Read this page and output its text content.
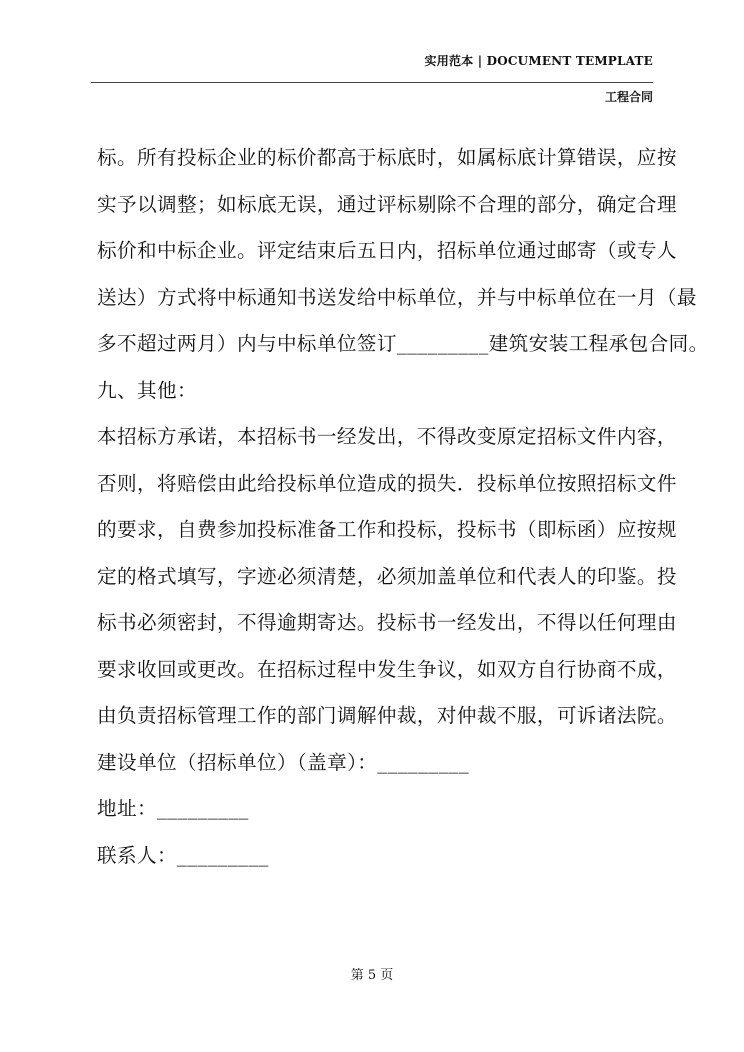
实用范本 | DOCUMENT TEMPLATE
工程合同
标。所有投标企业的标价都高于标底时，如属标底计算错误，应按
实予以调整；如标底无误，通过评标剔除不合理的部分，确定合理
标价和中标企业。评定结束后五日内，招标单位通过邮寄（或专人
送达）方式将中标通知书送发给中标单位，并与中标单位在一月（最
多不超过两月）内与中标单位签订_________建筑安装工程承包合同。
九、其他：
本招标方承诺，本招标书一经发出，不得改变原定招标文件内容，
否则，将赔偿由此给投标单位造成的损失．投标单位按照招标文件
的要求，自费参加投标准备工作和投标，投标书（即标函）应按规
定的格式填写，字迹必须清楚，必须加盖单位和代表人的印鉴。投
标书必须密封，不得逾期寄达。投标书一经发出，不得以任何理由
要求收回或更改。在招标过程中发生争议，如双方自行协商不成，
由负责招标管理工作的部门调解仲裁，对仲裁不服，可诉诸法院。
建设单位（招标单位）（盖章）：_________
地址：_________
联系人：_________
第 5 页
